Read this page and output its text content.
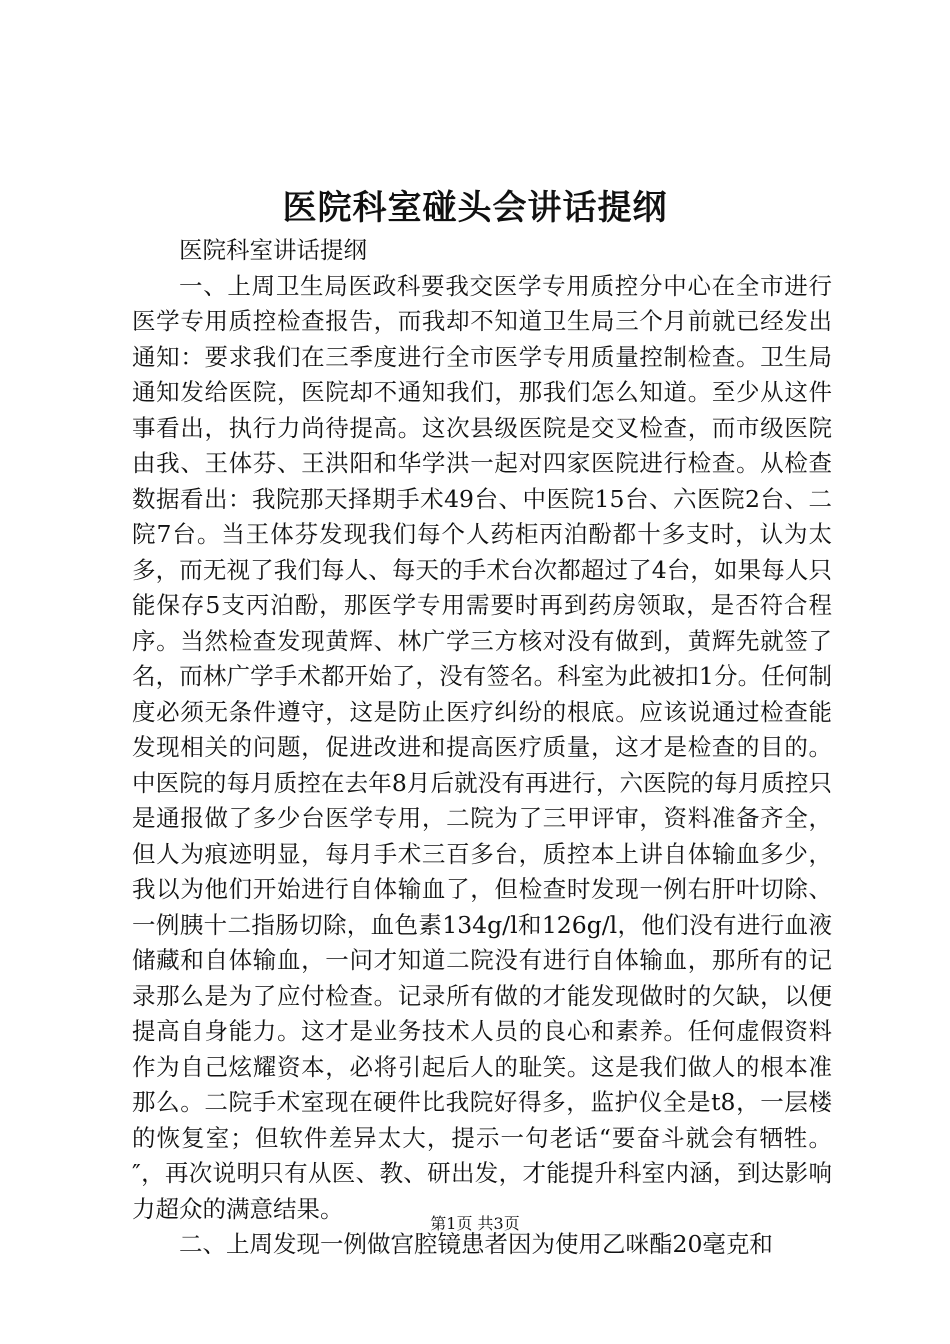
医院科室碰头会讲话提纲

医院科室讲话提纲

一、上周卫生局医政科要我交医学专用质控分中心在全市进行医学专用质控检查报告，而我却不知道卫生局三个月前就已经发出通知：要求我们在三季度进行全市医学专用质量控制检查。卫生局通知发给医院，医院却不通知我们，那我们怎么知道。至少从这件事看出，执行力尚待提高。这次县级医院是交叉检查，而市级医院由我、王体芬、王洪阳和华学洪一起对四家医院进行检查。从检查数据看出：我院那天择期手术49台、中医院15台、六医院2台、二院7台。当王体芬发现我们每个人药柜丙泊酚都十多支时，认为太多，而无视了我们每人、每天的手术台次都超过了4台，如果每人只能保存5支丙泊酚，那医学专用需要时再到药房领取，是否符合程序。当然检查发现黄辉、林广学三方核对没有做到，黄辉先就签了名，而林广学手术都开始了，没有签名。科室为此被扣1分。任何制度必须无条件遵守，这是防止医疗纠纷的根底。应该说通过检查能发现相关的问题，促进改进和提高医疗质量，这才是检查的目的。中医院的每月质控在去年8月后就没有再进行，六医院的每月质控只是通报做了多少台医学专用，二院为了三甲评审，资料准备齐全，但人为痕迹明显，每月手术三百多台，质控本上讲自体输血多少，我以为他们开始进行自体输血了，但检查时发现一例右肝叶切除、一例胰十二指肠切除，血色素134g/l和126g/l，他们没有进行血液储藏和自体输血，一问才知道二院没有进行自体输血，那所有的记录那么是为了应付检查。记录所有做的才能发现做时的欠缺，以便提高自身能力。这才是业务技术人员的良心和素养。任何虚假资料作为自己炫耀资本，必将引起后人的耻笑。这是我们做人的根本准那么。二院手术室现在硬件比我院好得多，监护仪全是t8，一层楼的恢复室；但软件差异太大，提示一句老话“要奋斗就会有牺牲。″，再次说明只有从医、教、研出发，才能提升科室内涵，到达影响力超众的满意结果。

二、上周发现一例做宫腔镜患者因为使用乙咪酯20毫克和

第1页 共3页
